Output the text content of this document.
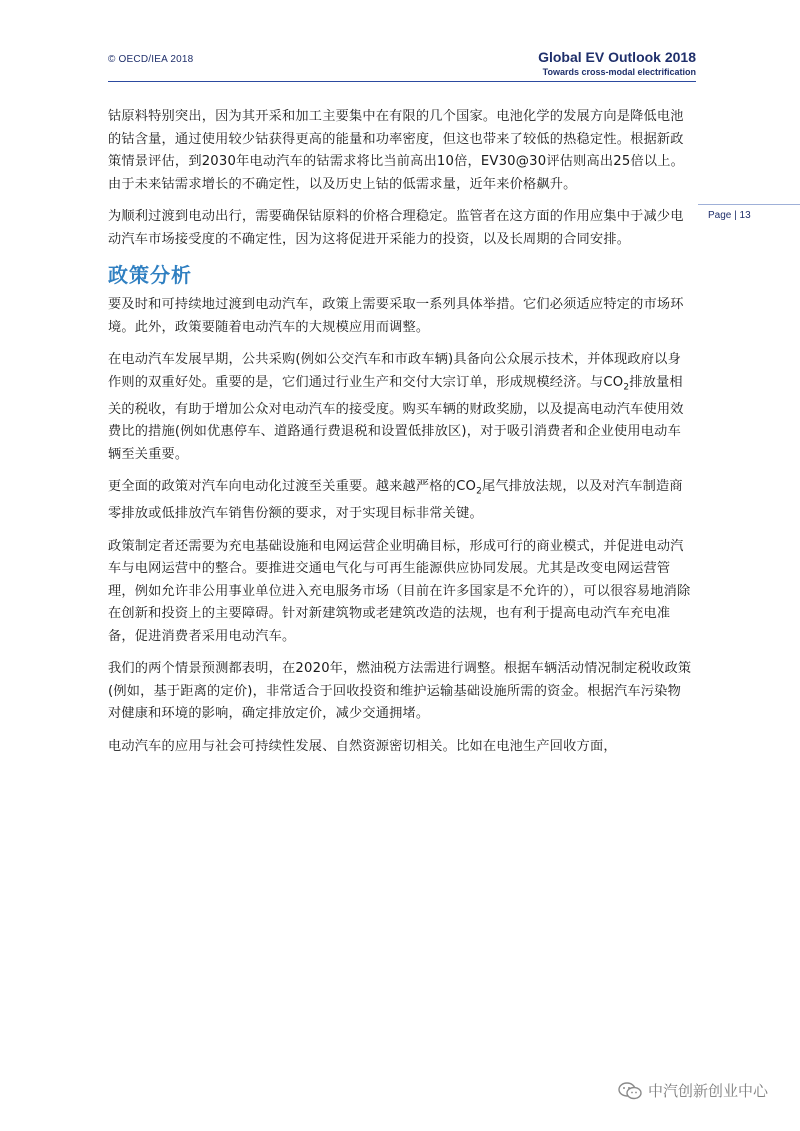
© OECD/IEA 2018	Global EV Outlook 2018
Towards cross-modal electrification
Page | 13

钴原料特别突出，因为其开采和加工主要集中在有限的几个国家。电池化学的发展方向是降低电池的钴含量，通过使用较少钴获得更高的能量和功率密度，但这也带来了较低的热稳定性。根据新政策情景评估，到2030年电动汽车的钴需求将比当前高出10倍，EV30@30评估则高出25倍以上。由于未来钴需求增长的不确定性，以及历史上钴的低需求量，近年来价格飙升。

为顺利过渡到电动出行，需要确保钴原料的价格合理稳定。监管者在这方面的作用应集中于减少电动汽车市场接受度的不确定性，因为这将促进开采能力的投资，以及长周期的合同安排。

政策分析

要及时和可持续地过渡到电动汽车，政策上需要采取一系列具体举措。它们必须适应特定的市场环境。此外，政策要随着电动汽车的大规模应用而调整。

在电动汽车发展早期，公共采购(例如公交汽车和市政车辆)具备向公众展示技术，并体现政府以身作则的双重好处。重要的是，它们通过行业生产和交付大宗订单，形成规模经济。与$CO_2$排放量相关的税收，有助于增加公众对电动汽车的接受度。购买车辆的财政奖励，以及提高电动汽车使用效费比的措施(例如优惠停车、道路通行费退税和设置低排放区)，对于吸引消费者和企业使用电动车辆至关重要。

更全面的政策对汽车向电动化过渡至关重要。越来越严格的$CO_2$尾气排放法规，以及对汽车制造商零排放或低排放汽车销售份额的要求，对于实现目标非常关键。

政策制定者还需要为充电基础设施和电网运营企业明确目标，形成可行的商业模式，并促进电动汽车与电网运营中的整合。要推进交通电气化与可再生能源供应协同发展。尤其是改变电网运营管理，例如允许非公用事业单位进入充电服务市场（目前在许多国家是不允许的），可以很容易地消除在创新和投资上的主要障碍。针对新建筑物或老建筑改造的法规，也有利于提高电动汽车充电准备，促进消费者采用电动汽车。

我们的两个情景预测都表明，在2020年，燃油税方法需进行调整。根据车辆活动情况制定税收政策(例如，基于距离的定价)，非常适合于回收投资和维护运输基础设施所需的资金。根据汽车污染物对健康和环境的影响，确定排放定价，减少交通拥堵。

电动汽车的应用与社会可持续性发展、自然资源密切相关。比如在电池生产回收方面，

中汽创新创业中心
